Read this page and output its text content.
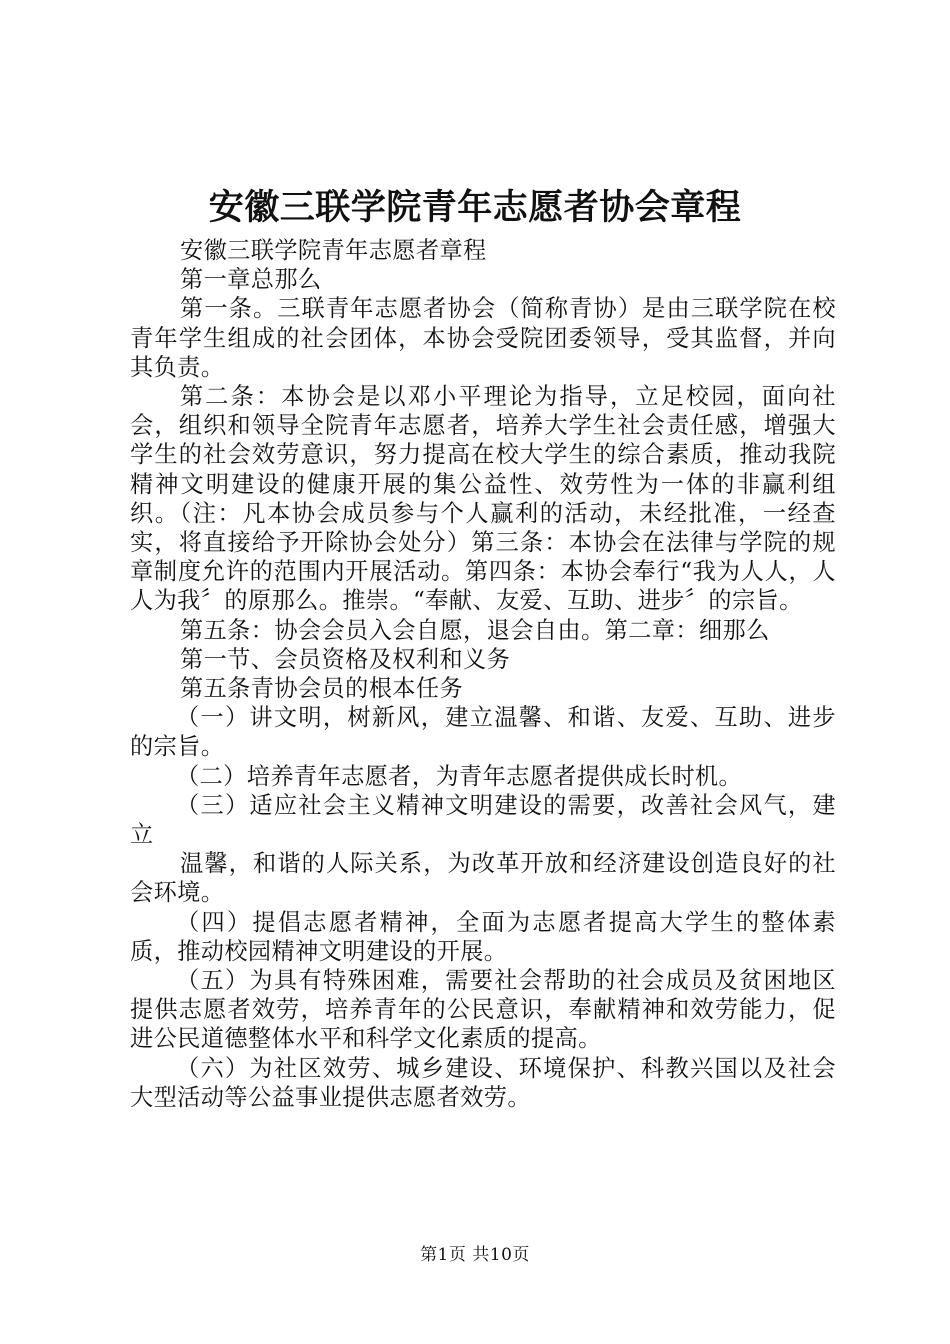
安徽三联学院青年志愿者协会章程

安徽三联学院青年志愿者章程

第一章总那么

第一条。三联青年志愿者协会（简称青协）是由三联学院在校青年学生组成的社会团体，本协会受院团委领导，受其监督，并向其负责。

第二条：本协会是以邓小平理论为指导，立足校园，面向社会，组织和领导全院青年志愿者，培养大学生社会责任感，增强大学生的社会效劳意识，努力提高在校大学生的综合素质，推动我院精神文明建设的健康开展的集公益性、效劳性为一体的非赢利组织。（注：凡本协会成员参与个人赢利的活动，未经批准，一经查实，将直接给予开除协会处分）第三条：本协会在法律与学院的规章制度允许的范围内开展活动。第四条：本协会奉行“我为人人，人人为我〞的原那么。推崇。“奉献、友爱、互助、进步〞的宗旨。

第五条：协会会员入会自愿，退会自由。第二章：细那么

第一节、会员资格及权利和义务

第五条青协会员的根本任务

（一）讲文明，树新风，建立温馨、和谐、友爱、互助、进步的宗旨。

（二）培养青年志愿者，为青年志愿者提供成长时机。

（三）适应社会主义精神文明建设的需要，改善社会风气，建立

温馨，和谐的人际关系，为改革开放和经济建设创造良好的社会环境。

（四）提倡志愿者精神，全面为志愿者提高大学生的整体素质，推动校园精神文明建设的开展。

（五）为具有特殊困难，需要社会帮助的社会成员及贫困地区提供志愿者效劳，培养青年的公民意识，奉献精神和效劳能力，促进公民道德整体水平和科学文化素质的提高。

（六）为社区效劳、城乡建设、环境保护、科教兴国以及社会大型活动等公益事业提供志愿者效劳。

第1页 共10页
